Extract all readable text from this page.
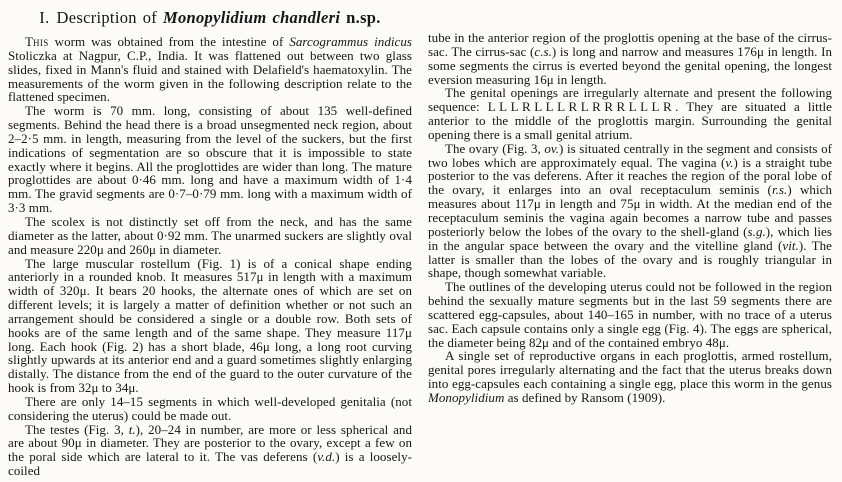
I. Description of Monopylidium chandleri n.sp.

This worm was obtained from the intestine of Sarcogrammus indicus Stoliczka at Nagpur, C.P., India. It was flattened out between two glass slides, fixed in Mann's fluid and stained with Delafield's haematoxylin. The measurements of the worm given in the following description relate to the flattened specimen.

The worm is 70 mm. long, consisting of about 135 well-defined segments. Behind the head there is a broad unsegmented neck region, about 2–2·5 mm. in length, measuring from the level of the suckers, but the first indications of segmentation are so obscure that it is impossible to state exactly where it begins. All the proglottides are wider than long. The mature proglottides are about 0·46 mm. long and have a maximum width of 1·4 mm. The gravid segments are 0·7–0·79 mm. long with a maximum width of 3·3 mm.

The scolex is not distinctly set off from the neck, and has the same diameter as the latter, about 0·92 mm. The unarmed suckers are slightly oval and measure 220μ and 260μ in diameter.

The large muscular rostellum (Fig. 1) is of a conical shape ending anteriorly in a rounded knob. It measures 517μ in length with a maximum width of 320μ. It bears 20 hooks, the alternate ones of which are set on different levels; it is largely a matter of definition whether or not such an arrangement should be considered a single or a double row. Both sets of hooks are of the same length and of the same shape. They measure 117μ long. Each hook (Fig. 2) has a short blade, 46μ long, a long root curving slightly upwards at its anterior end and a guard sometimes slightly enlarging distally. The distance from the end of the guard to the outer curvature of the hook is from 32μ to 34μ.

There are only 14–15 segments in which well-developed genitalia (not considering the uterus) could be made out.

The testes (Fig. 3, t.), 20–24 in number, are more or less spherical and are about 90μ in diameter. They are posterior to the ovary, except a few on the poral side which are lateral to it. The vas deferens (v.d.) is a loosely-coiled

tube in the anterior region of the proglottis opening at the base of the cirrus-sac. The cirrus-sac (c.s.) is long and narrow and measures 176μ in length. In some segments the cirrus is everted beyond the genital opening, the longest eversion measuring 16μ in length.

The genital openings are irregularly alternate and present the following sequence: LLLRLLLRLRRRLLLR. They are situated a little anterior to the middle of the proglottis margin. Surrounding the genital opening there is a small genital atrium.

The ovary (Fig. 3, ov.) is situated centrally in the segment and consists of two lobes which are approximately equal. The vagina (v.) is a straight tube posterior to the vas deferens. After it reaches the region of the poral lobe of the ovary, it enlarges into an oval receptaculum seminis (r.s.) which measures about 117μ in length and 75μ in width. At the median end of the receptaculum seminis the vagina again becomes a narrow tube and passes posteriorly below the lobes of the ovary to the shell-gland (s.g.), which lies in the angular space between the ovary and the vitelline gland (vit.). The latter is smaller than the lobes of the ovary and is roughly triangular in shape, though somewhat variable.

The outlines of the developing uterus could not be followed in the region behind the sexually mature segments but in the last 59 segments there are scattered egg-capsules, about 140–165 in number, with no trace of a uterus sac. Each capsule contains only a single egg (Fig. 4). The eggs are spherical, the diameter being 82μ and of the contained embryo 48μ.

A single set of reproductive organs in each proglottis, armed rostellum, genital pores irregularly alternating and the fact that the uterus breaks down into egg-capsules each containing a single egg, place this worm in the genus Monopylidium as defined by Ransom (1909).
